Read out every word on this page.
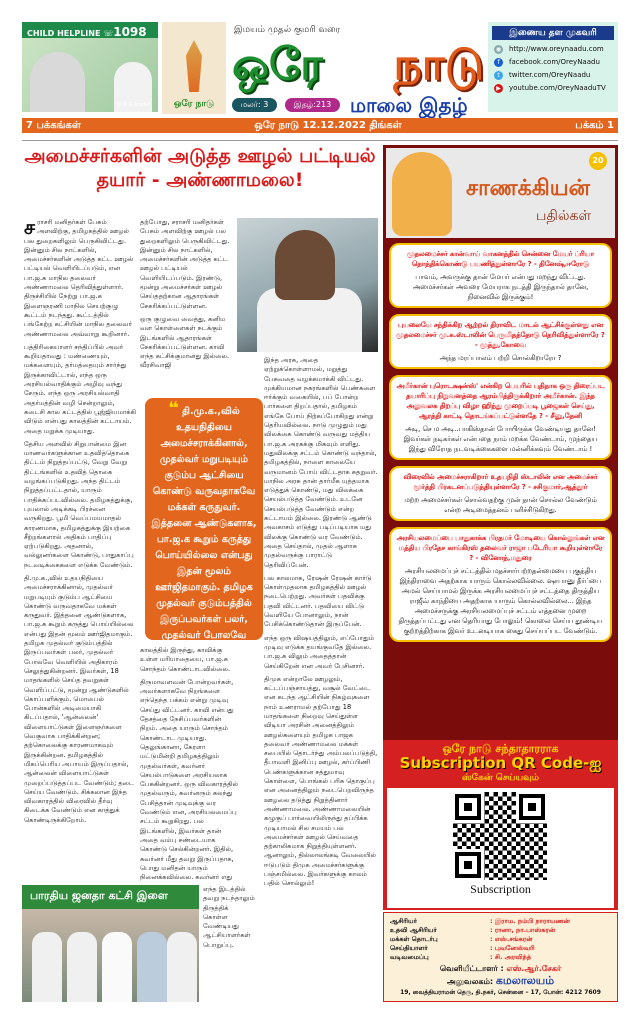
CHILD HELPLINE ☏1098
Dr.R.G.Anand	ஒரே நாடு
இமயம் முதல் குமரி வரை
ஒரே நாடு
மலர்: 3	இதழ்:213 மாலை இதழ்
இணைய தள முகவரி
◉ http://www.oreynaadu.com
f	facebook.com/OreyNaadu
t	twitter.com/OreyNaadu
▶	youtube.com/OreyNaaduTV
7 பக்கங்கள்	ஒரே நாடு 12.12.2022 திங்கள்	பக்கம் 1
அமைச்சர்களின் அடுத்த ஊழல் பட்டியல் தயார் - அண்ணாமலை!

சராசரி மனிதர்கள் பேசும் அளவிற்கு, தமிழகத்தில் ஊழல் பல துறைகளிலும் பெருகிவிட்டது. இன்னும் சில நாட்களில், அமைச்சர்களின் அடுத்த கட்ட ஊழல் பட்டியல் வெளியிடப்படும், என பா.ஜ.க மாநில தலைவர் அண்ணாமலை தெரிவித்துள்ளார். திருச்சியில் நேற்று பா.ஜ.க இளைஞரணி மாநில செயற்குழு கூட்டம் நடந்தது. கூட்டத்தில் பங்கேற்ற கட்சியின் மாநில தலைவர் அண்ணாமலை அவ்வாறு கூறினார்.

பத்திரிகையாளர் சந்திப்பில் அவர் கூறியதாவது : மண்ணையும், மக்களையும், தர்மத்தையும் சார்ந்து இருக்காவிட்டால், எந்த ஒரு அரசியல்வாதிக்கும் அழிவு வந்து சேரும். எந்த ஒரு அரசியல்வாதி அதர்மத்தின் வழி சென்றாலும், கடைசி கால கட்டத்தில் பூஜ்ஜியமாக்கி விடும் என்பது காலத்தின் கட்டாயம். அதை மறுக்க முடியாது.

தேசிய அளவில் சிறுபான்மை இன மாணவர்களுக்கான உதவித்தொகை திட்டம் நிறுத்தப்பட்டு, வேறு வேறு திட்டங்களில் உதவித் தொகை வழங்கப்படுகிறது. அந்த திட்டம் நிறுத்தப்பட்டதால், யாரும் பாதிக்கப்படவில்லை. தமிழகத்துக்கு, புயலால் அடிக்கடி பிரச்னை வருகிறது. பூமி வெப்பமயமாதல் காரணமாக, தமிழகத்துக்கு இயற்கை சீற்றங்களால் அதிகம் பாதிப்பு ஏற்படுகிறது. அதனால், வல்லுனர்களை கொண்டு, பாதுகாப்பு நடவடிக்கைகளை எடுக்க வேண்டும்.

தி.மு.க.,வில் உதயநிதியை அமைச்சராக்கினால், முதல்வர் மறுபடியும் குடும்ப ஆட்சியை கொண்டு வருவதாகவே மக்கள் கருதுவர். இத்தனை ஆண்டுகளாக, பா.ஜ.க கூறும் கருத்து பொய்யில்லை என்பது இதன் மூலம் ஊர்ஜிதமாகும். தமிழக முதல்வர் குடும்பத்தில் இருப்பவர்கள் பலர், முதல்வர் போலவே வெளியில் அதிகாரம் செலுத்துகின்றனர். இவர்கள், 18 மாதங்களில் செய்த தவறுகள் வெளிப்பட்டு, மூன்று ஆண்டுகளில் கொப்பளிக்கும். மொபைல் போன்களில் அடிமையாகி கிடப்பதால், 'ஆன்லைன்' விளையாட்டுகள் இளைஞர்களை வெகுவாக பாதிக்கின்றன; தற்கொலைக்கு காரணமாகவும் இருக்கின்றன. தமிழகத்தில் மிகப்பெரிய அபாயம் இருப்பதால், ஆன்லைன் விளையாட்டுகள் முறைப்படுத்தப்பட வேண்டும்; தடை செய்ய வேண்டும். சிக்கலான இந்த விவகாரத்தில் விரைவில் தீர்வு கிடைக்க வேண்டும் என காத்துக் கொண்டிருக்கிறோம்.

தற்போது, சராசரி மனிதர்கள் பேசும் அளவிற்கு ஊழல் பல துறைகளிலும் பெருகிவிட்டது. இன்னும் சில நாட்களில், அமைச்சர்களின் அடுத்த கட்ட ஊழல் பட்டியல் வெளியிடப்படும். இரண்டு, மூன்று அமைச்சர்கள் ஊழல் செய்ததற்கான ஆதாரங்கள் சேகரிக்கப்பட்டுள்ளன.

ஒரு குழுவை வைத்து, கனிம வள கொள்ளைகள் நடக்கும் இடங்களில் ஆதாரங்கள் சேகரிக்கப்பட்டுள்ளன. காவி எந்த கட்சிக்குமானது இல்லை. வீரசிவாஜி

❝ தி.மு.க.,வில் உதயநிதியை அமைச்சராக்கினால், முதல்வர் மறுபடியும் குடும்ப ஆட்சியை கொண்டு வருவதாகவே மக்கள் கருதுவர். இத்தனை ஆண்டுகளாக, பா.ஜ.க கூறும் கருத்து பொய்யில்லை என்பது இதன் மூலம் ஊர்ஜிதமாகும். தமிழக முதல்வர் குடும்பத்தில் இருப்பவர்கள் பலர், முதல்வர் போலவே

காலத்தில் இருந்து, காவிக்கு உள்ள மரியாதையை, பா.ஜ.க சொந்தம் கொண்டாடவில்லை.

திருமாவளவன் போன்றவர்கள், அவர்களாகவே நிறங்களை எந்தெந்த பக்கம் என்று முடிவு செய்து விட்டனர். காவி என்பது தேசத்தை நேசிப்பவர்களின் நிறம். அதை யாரும் சொந்தம் கொண்டாட முடியாது. தெலுங்கானா, கேரளா மட்டுமின்றி தமிழகத்திலும் முதல்வர்கள், கவர்னர் செயல்பாடுகளை அரசியலாக பேசுகின்றனர். ஒரு விவகாரத்தில் முதல்வரும், கவர்னரும் கலந்து பேசித்தான் முடிவுக்கு வர வேண்டும் என, அரசியலமைப்பு சட்டம் கூறுகிறது. பல இடங்களில், இவர்கள் தான் அதை வம்பு சண்டையாக கொண்டு செல்கின்றனர். இதில், கவர்னர் மீது தவறு இருப்பதாக, பொது மனிதன் யாரும் நினைக்கவில்லை. கவர்னர் எது

எந்த இடத்தில் தவறு நடந்தாலும் திருத்திக் கொள்ள வேண்டியது ஆட்சியாளர்கள் பொறுப்பு.

இந்த அரசு, அதை ஏற்றுக்கொள்ளாமல், மறுத்து பேசுவதை வழக்கமாக்கி விட்டது. முக்கியமான நகரங்களில் பெண்களை ஈர்க்கும் வகையில், பப் போன்ற பார்களை திறப்பதால், தமிழகம் எங்கே போய் நிற்கப்போகிறது என்று தெரியவில்லை. நாடு முழுதும் மது விலக்கை கொண்டு வருவது மத்திய பா.ஜ.க அரசுக்கு மிகவும் எளிது. மதுவிலக்கு சட்டம் கொண்டு வந்தால், தமிழகத்தில், நாளை காலையே வருமானம் போய் விட்டதாக கதறுவர். மாநில அரசு தான் தார்மீக யுத்தமாக எடுத்துக் கொண்டு, மது விலக்கை செயல்படுத்த வேண்டும். உடனே செயல்படுத்த வேண்டும் என்ற கட்டாயம் இல்லை. இரண்டு ஆண்டு அவகாசம் எடுத்து படிப்படியாக மது விலக்கு கொண்டு வர வேண்டும். அதை செய்தால், முதல் ஆளாக முதல்வருக்கு பாராட்டு தெரிவிப்பேன்.

பல காலமாக, ரேஷன் ரேஷன் கார்டு கொள்முதலாக தமிழகத்தில் ஊழல் நடைபெற்றது. அவர்கள் பதவிக்கு பதவி விட்டனர். பதவியை விட்டு வெளியே போனாலும், நான் பேசிக்கொண்டுதான் இருப்பேன்.

எந்த ஒரு விஷயத்திலும், எப்போதும் முடிவு எடுக்க தயங்குவதே இல்லை. பா.ஜ.க விலும் அதைத்தான் செய்கிறேன் என அவர் பேசினார்.

திமுக என்றாலே ஊழலும், கட்டப்பஞ்சாயத்து, வசூல் வேட்டை என கடந்த ஆட்சியின் நிகழ்வுகளை நாம் உணராமல் தற்போது 18 மாதங்களை நிறைவு செய்துள்ள விடியா அரசின் அனைத்திலும் ஊழல்களையும் தமிழக பாஜக தலைவர் அண்ணாமலை மக்கள் சபையில் தொடர்ந்து அம்பலப்படுத்தி, தீபாவளி இனிப்பு ஊழல், கர்ப்பிணி பெண்களுக்கான சத்துமாவு கொள்ளை, பொங்கல் பரிசு தொகுப்பு என அனைத்திலும் நடைபெறவிருந்த ஊழலை தடுத்து நிறுத்தினார் அண்ணாமலை. அண்ணாமலையின் கழுகுப் பார்வையிலிருந்து தப்பிக்க முடியாமல் சில சமயம் பல அமைச்சர்கள் ஊழல் செய்வதை தற்காலிகமாக நிறுத்தியுள்ளனர். ஆனாலும், தில்லாலங்கடி வேலையில் ஈடுபடும் திமுக அமைச்சர்களுக்கு பஞ்சமில்லை. இவர்களுக்கு காலம் பதில் சொல்லும்!

பாரதிய ஜனதா கட்சி இளை
20
சாணக்கியன்
பதில்கள்
முதலமைச்சர் கான்வாய் வாகனத்தில் சென்னை மேயர் ப்ரியா தொத்திக்கொண்டு பயணித்துள்ளாரே ? - தினேஷ்,ஈரோடு
பாவம், அவருக்கு தான் மேயர் என்பது மறந்து விட்டது. அமைச்சர்கள் அவரை மேயராக நடத்தி இருந்தால் தானே, நினைவில் இருக்கும்!
புயலையே சந்திக்கிற ஆற்றல் திராவிட மாடல் ஆட்சிக்குள்ளது என முதலமைச்சர் மு.க.ஸ்டாலின் பெருமிதத்தோடு தெரிவித்துள்ளாரே ? - முத்து,கோவை
அந்த மரப்பாலம் பற்றி சொல்கிறாரோ ?
அமீர்கான் புரொடக்ஷன்ஸ்' என்கிற பெயரில் புதிதாக ஒரு திரைப்பட தயாரிப்பு நிறுவனத்தை ஆரம்பித்திருக்கிறார் அமீர்கான். இந்த அலுவலக திறப்பு விழா ஹிந்து முறைப்படி பூஜைகள் செய்து, ஆரத்தி காட்டி தொடங்கப்பட்டுள்ளதே ? - சீனு,தேனி
அடி, செ ம அடி..பாகிஸ்தான் போயிருக்க வேண்டியது தானே! இவர்கள் நடிகர்கள் என்பதை நாம் மறக்க வேண்டாம், முந்தைய இந்து விரோத நடவடிக்கைகளை மன்னிக்கவும் வேண்டாம் !
விரைவில் அமைச்சராகிறார் உதயநிதி ஸ்டாலின் என அமைச்சர் மூர்த்தி பிரகடனப்படுத்தியுள்ளாரே ? - சசிகுமார்,ஆத்தூர்
மற்ற அமைச்சர்கள் சொல்வதற்கு முன் தான் சொல்ல வேண்டும் என்ற அடிமைத்தனம் பளிச்சிடுகிறது.
அரசியலமைப்பை பாதுகாக்க பிரதமர் மோடியை கொல்லுங்கள் என மத்திய பிரதேச காங்கிரஸ் தலைவர் ராஜா படேரியா கூறியுள்ளாரே ? - வினோத்,மதுரை
அரசியலமைப்புச் சட்டத்தில் மதச்சார்பற்றதன்மையை புகுத்திய இந்திராவை அதற்காக யாரும் கொல்லவில்லை. ஷாபானு தீர்ப்பை அமல் செய்யாமல் இருக்க அரசியலமைப்புச் சட்டத்தை திருத்திய ராஜீவ் காந்தியை அதற்காக யாரும் கொல்லவில்லை... இந்த அமைச்சருக்கு அரசியலமைப்புச் சட்டம் எத்தனை முறை திருத்தப்பட்டது என தெரியாது போலும்! கொலை செய்ய தூண்டிய குற்றத்திற்காக இவர் உடனடியாக கைது செய்யப்பட வேண்டும்.
ஒரே நாடு சந்தாதாரராக
Subscription QR Code-ஐ
ஸ்கேன் செய்யவும்
Subscription
ஆசிரியர்	: இராம. நம்பி நாராயணன்
உதவி ஆசிரியர்	: ரானா, நா.பாஸ்கரன்
மக்கள் தொடர்பு	: எஸ்.சங்கரன்
செய்தியாளர்	: புவனேஸ்வரி
வடிவமைப்பு	: சி. அரவிந்த்
வெளியீட்டாளர் : எஸ்.ஆர்.சேகர்
அலுவலகம்: கமலாலயம்
19, வைத்தியராமன் தெரு, தி.நகர், சென்னை – 17, போன்: 4212 7609
